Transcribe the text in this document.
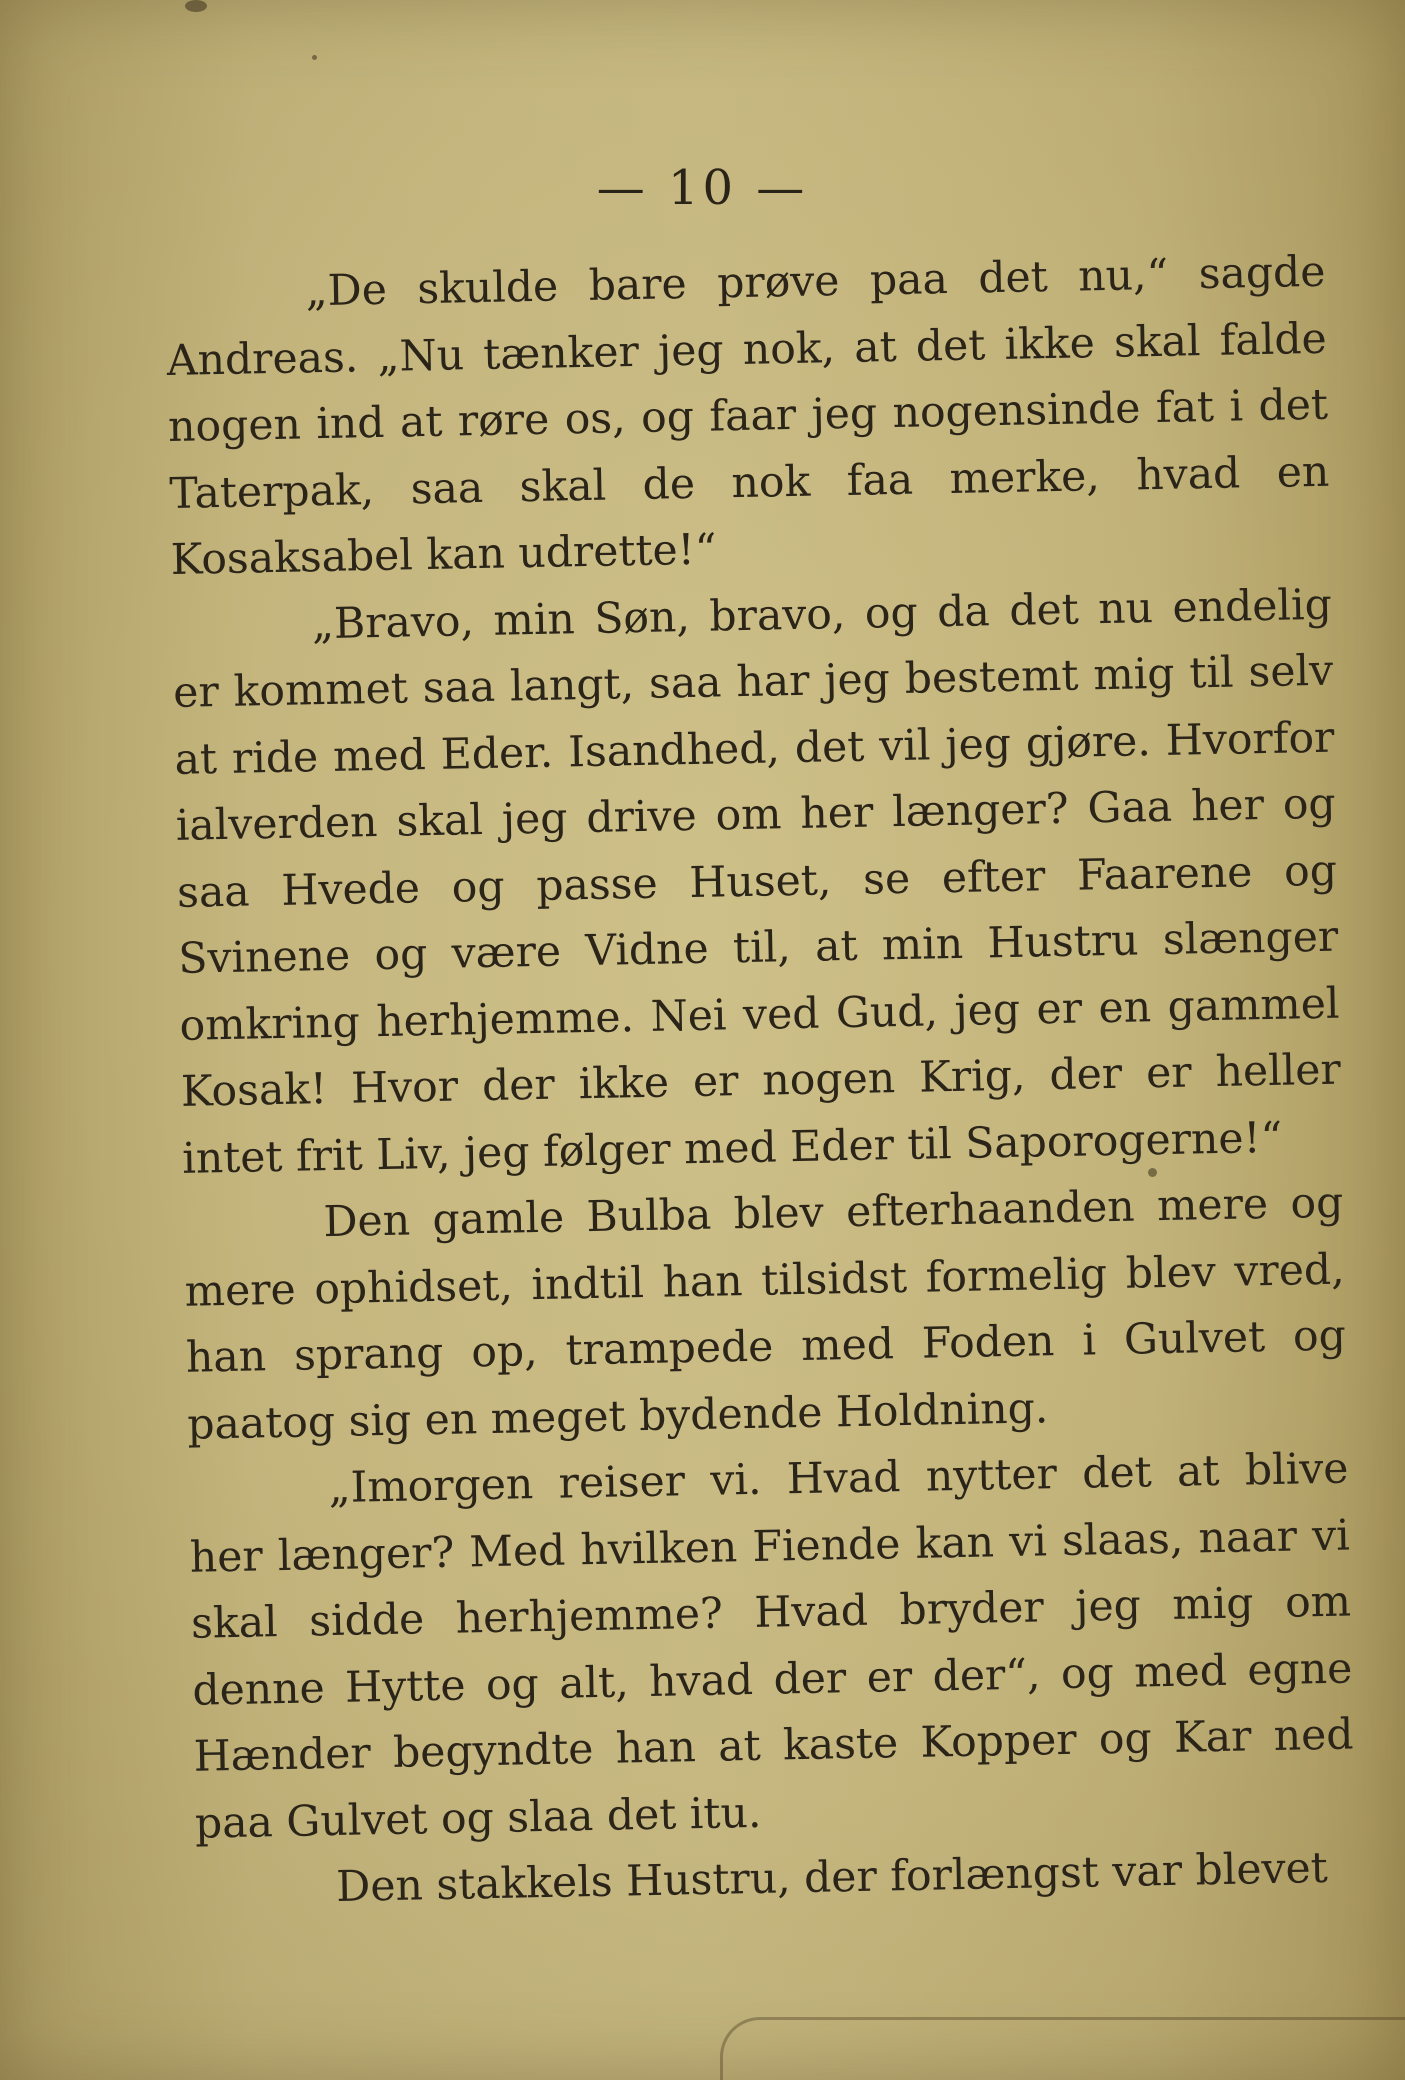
— 10 —

„De skulde bare prøve paa det nu,“ sagde Andreas. „Nu tænker jeg nok, at det ikke skal falde nogen ind at røre os, og faar jeg nogensinde fat i det Taterpak, saa skal de nok faa merke, hvad en Kosaksabel kan udrette!“

„Bravo, min Søn, bravo, og da det nu endelig er kommet saa langt, saa har jeg bestemt mig til selv at ride med Eder. Isandhed, det vil jeg gjøre. Hvorfor ialverden skal jeg drive om her længer? Gaa her og saa Hvede og passe Huset, se efter Faarene og Svinene og være Vidne til, at min Hustru slænger omkring herhjemme. Nei ved Gud, jeg er en gammel Kosak! Hvor der ikke er nogen Krig, der er heller intet frit Liv, jeg følger med Eder til Saporogerne!“

Den gamle Bulba blev efterhaanden mere og mere ophidset, indtil han tilsidst formelig blev vred, han sprang op, trampede med Foden i Gulvet og paatog sig en meget bydende Holdning.

„Imorgen reiser vi. Hvad nytter det at blive her længer? Med hvilken Fiende kan vi slaas, naar vi skal sidde herhjemme? Hvad bryder jeg mig om denne Hytte og alt, hvad der er der“, og med egne Hænder begyndte han at kaste Kopper og Kar ned paa Gulvet og slaa det itu.

Den stakkels Hustru, der forlængst var blevet
